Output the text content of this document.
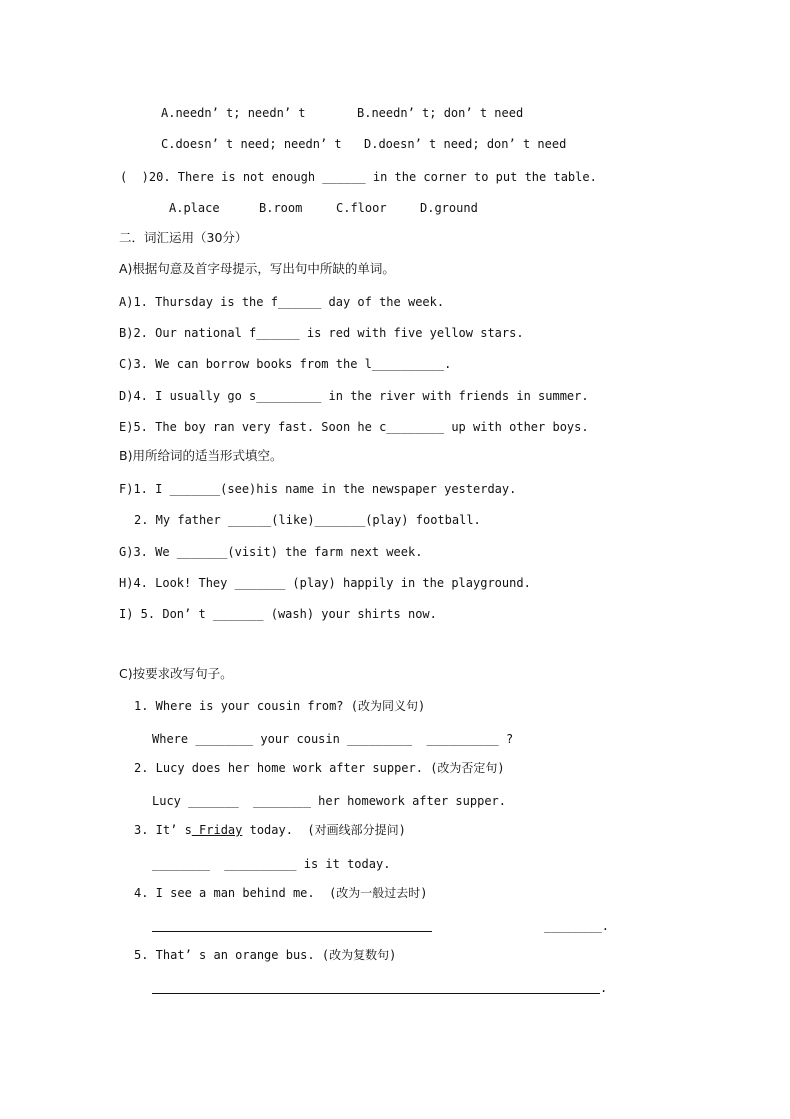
A.needn’ t; needn’ t	B.needn’ t; don’ t need
C.doesn’ t need; needn’ t D.doesn’ t need; don’ t need
(  )20. There is not enough ______ in the corner to put the table.
A.place	B.room	C.floor	D.ground
二．词汇运用（30分）
A)根据句意及首字母提示，写出句中所缺的单词。
A)1. Thursday is the f______ day of the week.
B)2. Our national f______ is red with five yellow stars.
C)3. We can borrow books from the l__________.
D)4. I usually go s_________ in the river with friends in summer.
E)5. The boy ran very fast. Soon he c________ up with other boys.
B)用所给词的适当形式填空。
F)1. I _______(see)his name in the newspaper yesterday.
2. My father ______(like)_______(play) football.
G)3. We _______(visit) the farm next week.
H)4. Look! They _______ (play) happily in the playground.
I) 5. Don’ t _______ (wash) your shirts now.
C)按要求改写句子。
1. Where is your cousin from? (改为同义句)
Where ________ your cousin _________  __________ ?
2. Lucy does her home work after supper. (改为否定句)
Lucy _______  ________ her homework after supper.
3. It’ s Friday today.  (对画线部分提问)
________  __________ is it today.
4. I see a man behind me.  (改为一般过去时)
________.
5. That’ s an orange bus. (改为复数句)
.
